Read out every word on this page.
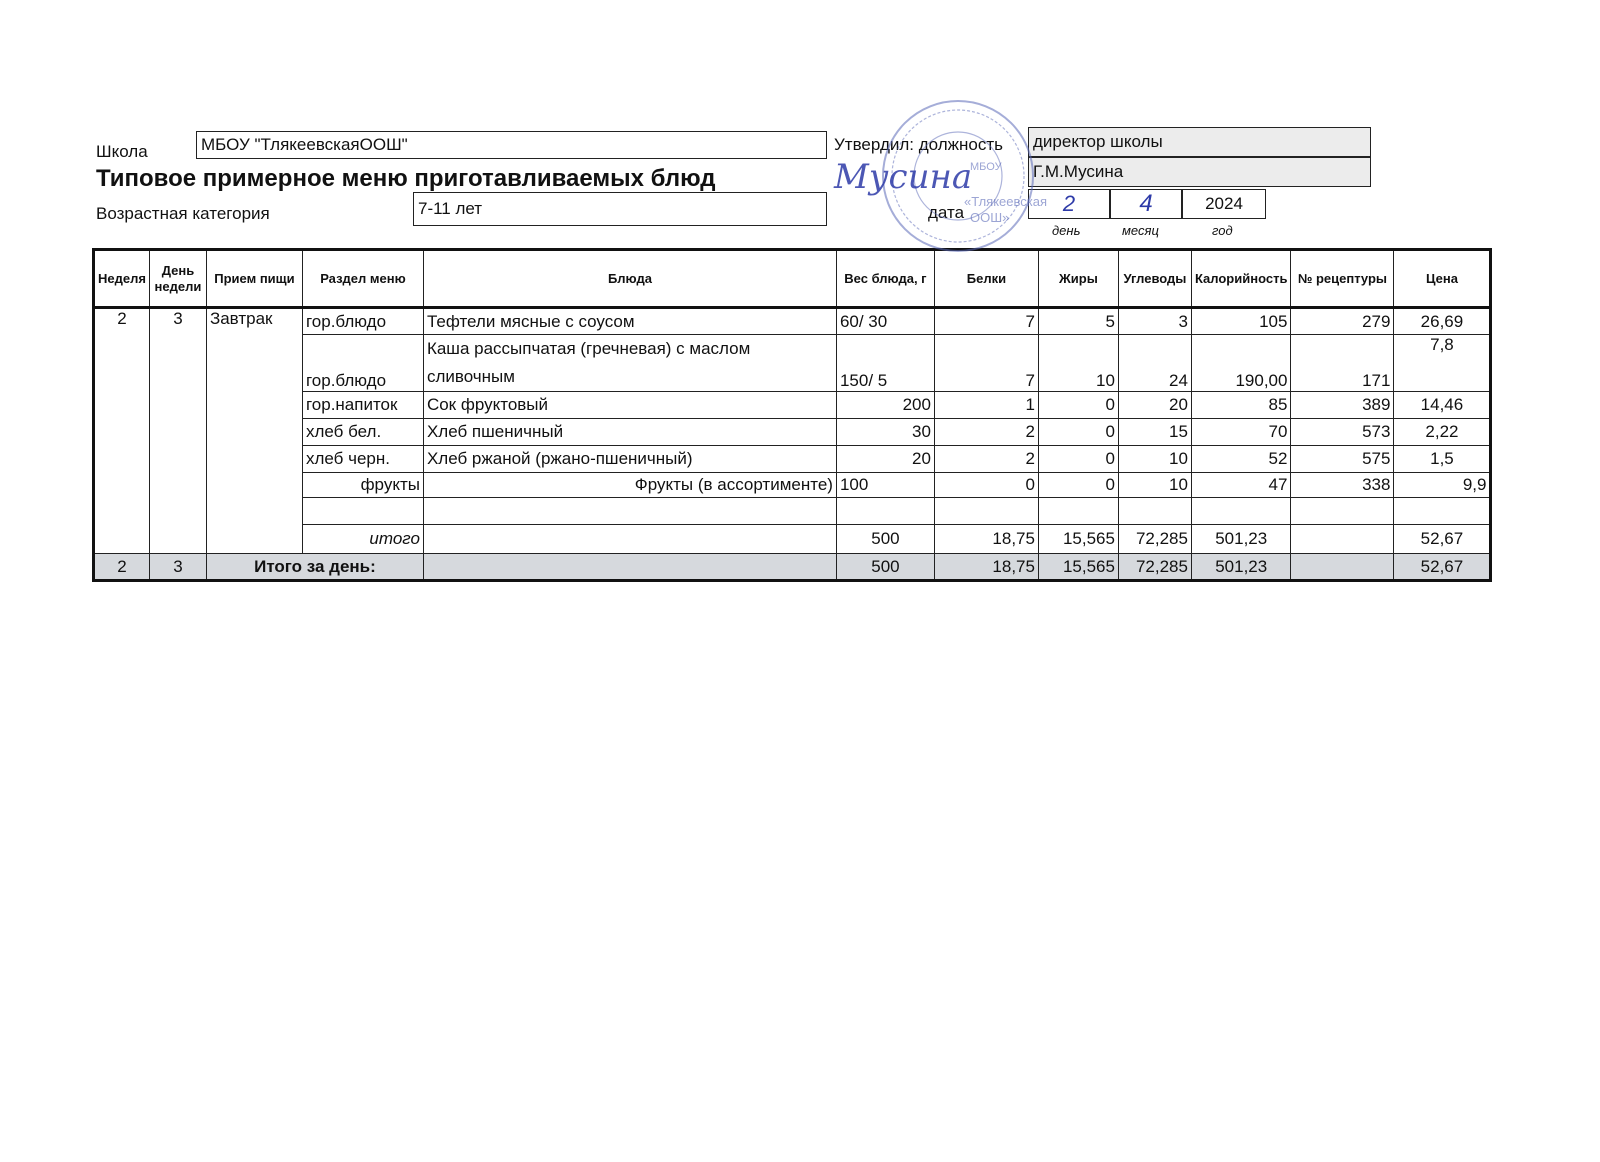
Школа	МБОУ "ТлякеевскаяООШ"
Типовое примерное меню приготавливаемых блюд
Возрастная категория	7-11 лет
Утвердил: должность директор школы
Г.М.Мусина
дата	2	4	2024
день	месяц	год
Неделя	День недели	Прием пищи	Раздел меню	Блюда	Вес блюда, г	Белки	Жиры	Углеводы	Калорийность	№ рецептуры	Цена
2	3	Завтрак	гор.блюдо	Тефтели мясные с соусом	60/ 30	7	5	3	105	279	26,69
			гор.блюдо	Каша рассыпчатая (гречневая) с маслом сливочным	150/ 5	7	10	24	190,00	171	7,8
			гор.напиток	Сок фруктовый	200	1	0	20	85	389	14,46
			хлеб бел.	Хлеб пшеничный	30	2	0	15	70	573	2,22
			хлеб черн.	Хлеб ржаной (ржано-пшеничный)	20	2	0	10	52	575	1,5
			фрукты	Фрукты (в ассортименте)	100	0	0	10	47	338	9,9

			итого		500	18,75	15,565	72,285	501,23		52,67
2	3	Итого за день:			500	18,75	15,565	72,285	501,23		52,67
МБОУ
«Тлякеевская
ООШ»
Мусина
